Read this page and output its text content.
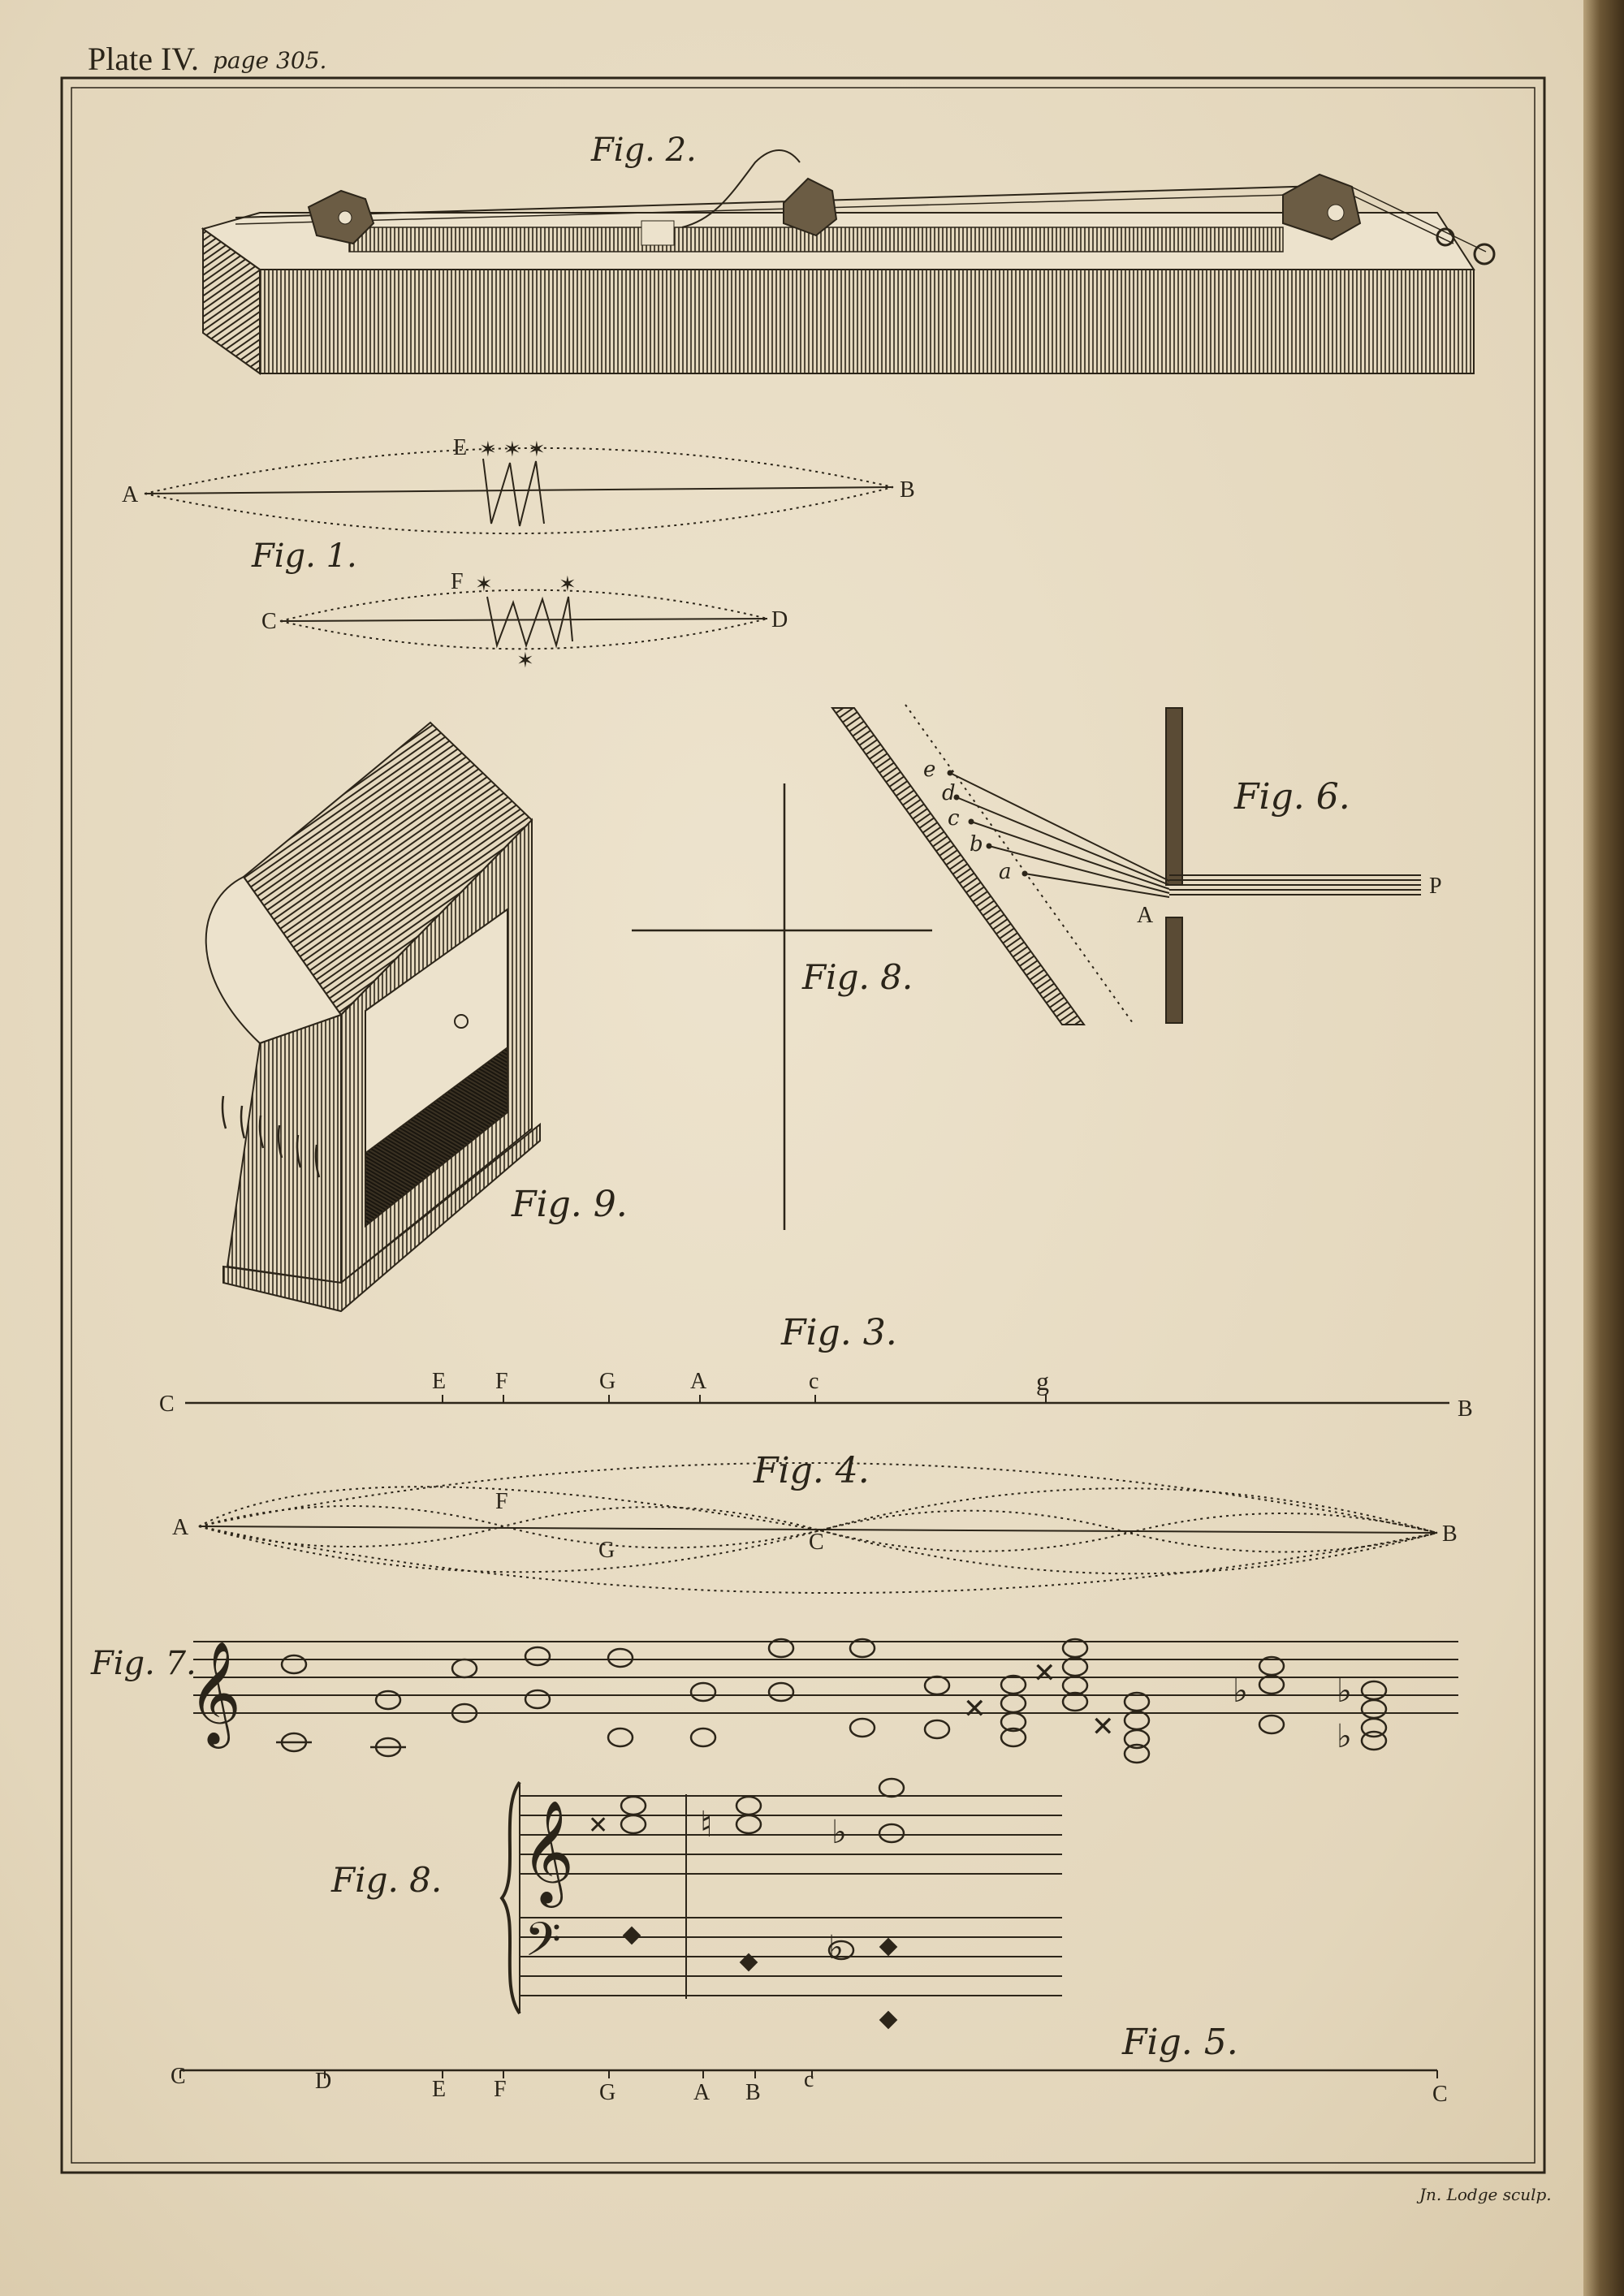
Plate IV. page 305.
Fig. 2.
E ✶ ✶ ✶
A	B
Fig. 1.
F ✶	✶
✶
C	D
Fig. 9.
Fig. 8.
e
d
c
b
a
A
P
Fig. 6.
Fig. 3.
C
E F	G	A	c	g
B
Fig. 4.
A
F
G	C	B
Fig. 7.
𝄞	✕
✕
✕
♭	♭
♭
Fig. 8. 𝄞
𝄢
✕	♮	♭
♭
Fig. 5.
C	D	E F	G	A B
c
C
Jn. Lodge sculp.
